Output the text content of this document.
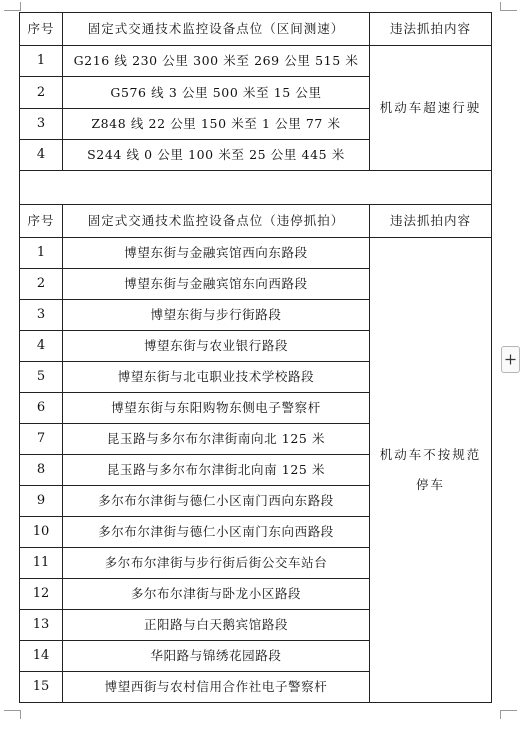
序号	固定式交通技术监控设备点位（区间测速）	违法抓拍内容
1	G216 线 230 公里 300 米至 269 公里 515 米	机动车超速行驶
2	G576 线 3 公里 500 米至 15 公里	
3	Z848 线 22 公里 150 米至 1 公里 77 米	
4	S244 线 0 公里 100 米至 25 公里 445 米	

序号	固定式交通技术监控设备点位（违停抓拍）	违法抓拍内容
1	博望东街与金融宾馆西向东路段	机动车不按规范停车
2	博望东街与金融宾馆东向西路段	
3	博望东街与步行街路段	
4	博望东街与农业银行路段	
5	博望东街与北屯职业技术学校路段	
6	博望东街与东阳购物东侧电子警察杆	
7	昆玉路与多尔布尔津街南向北 125 米	
8	昆玉路与多尔布尔津街北向南 125 米	
9	多尔布尔津街与德仁小区南门西向东路段	
10	多尔布尔津街与德仁小区南门东向西路段	
11	多尔布尔津街与步行街后街公交车站台	
12	多尔布尔津街与卧龙小区路段	
13	正阳路与白天鹅宾馆路段	
14	华阳路与锦绣花园路段	
15	博望西街与农村信用合作社电子警察杆	
